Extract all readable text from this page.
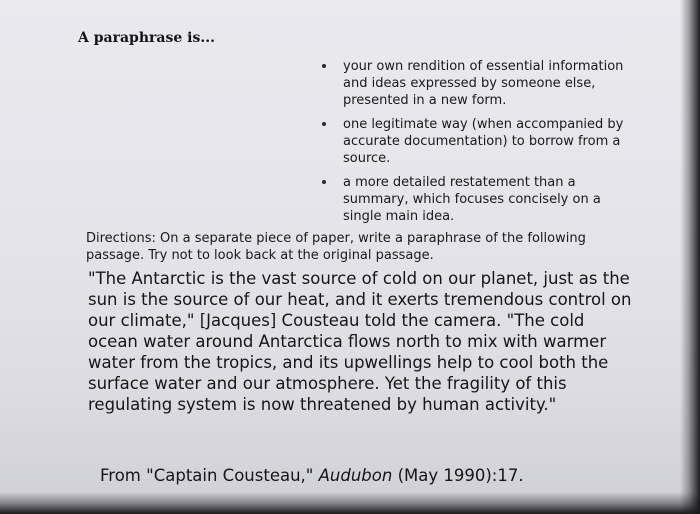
A paraphrase is...
your own rendition of essential information and ideas expressed by someone else, presented in a new form.
one legitimate way (when accompanied by accurate documentation) to borrow from a source.
a more detailed restatement than a summary, which focuses concisely on a single main idea.

Directions: On a separate piece of paper, write a paraphrase of the following passage. Try not to look back at the original passage.

"The Antarctic is the vast source of cold on our planet, just as the sun is the source of our heat, and it exerts tremendous control on our climate," [Jacques] Cousteau told the camera. "The cold ocean water around Antarctica flows north to mix with warmer water from the tropics, and its upwellings help to cool both the surface water and our atmosphere. Yet the fragility of this regulating system is now threatened by human activity."

From "Captain Cousteau," Audubon (May 1990):17.
